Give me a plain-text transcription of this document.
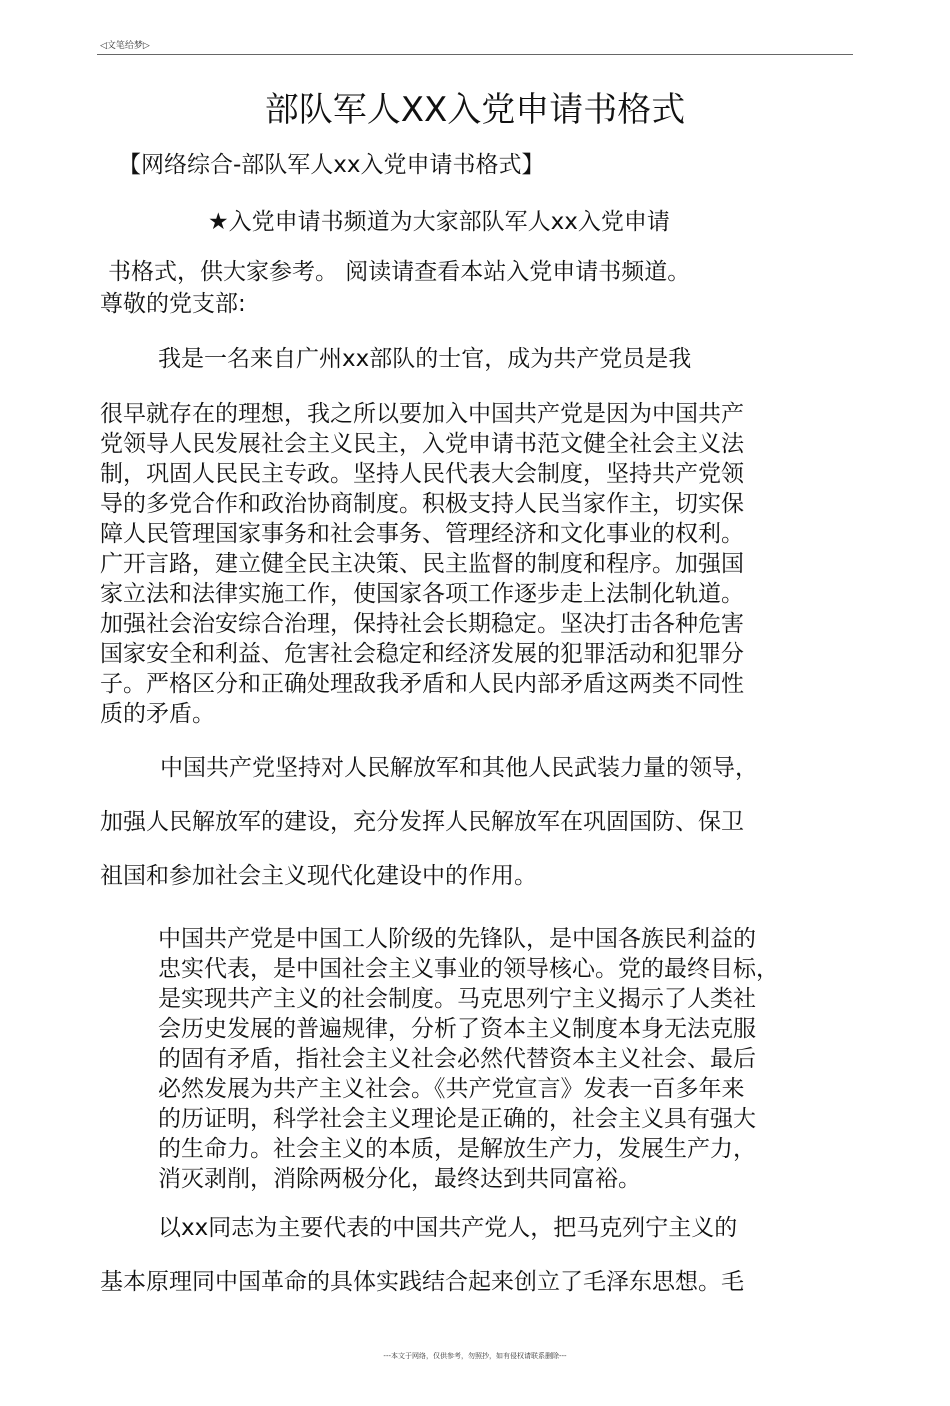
◁文笔给梦▷
部队军人XX入党申请书格式
【网络综合-部队军人xx入党申请书格式】
★入党申请书频道为大家部队军人xx入党申请
书格式，供大家参考。 阅读请查看本站入党申请书频道。
尊敬的党支部:
我是一名来自广州xx部队的士官，成为共产党员是我
很早就存在的理想，我之所以要加入中国共产党是因为中国共产
党领导人民发展社会主义民主，入党申请书范文健全社会主义法
制，巩固人民民主专政。坚持人民代表大会制度，坚持共产党领
导的多党合作和政治协商制度。积极支持人民当家作主，切实保
障人民管理国家事务和社会事务、管理经济和文化事业的权利。
广开言路，建立健全民主决策、民主监督的制度和程序。加强国
家立法和法律实施工作，使国家各项工作逐步走上法制化轨道。
加强社会治安综合治理，保持社会长期稳定。坚决打击各种危害
国家安全和利益、危害社会稳定和经济发展的犯罪活动和犯罪分
子。严格区分和正确处理敌我矛盾和人民内部矛盾这两类不同性
质的矛盾。
中国共产党坚持对人民解放军和其他人民武装力量的领导，
加强人民解放军的建设，充分发挥人民解放军在巩固国防、保卫
祖国和参加社会主义现代化建设中的作用。
中国共产党是中国工人阶级的先锋队，是中国各族民利益的
忠实代表，是中国社会主义事业的领导核心。党的最终目标，
是实现共产主义的社会制度。马克思列宁主义揭示了人类社
会历史发展的普遍规律，分析了资本主义制度本身无法克服
的固有矛盾，指社会主义社会必然代替资本主义社会、最后
必然发展为共产主义社会。《共产党宣言》发表一百多年来
的历证明，科学社会主义理论是正确的，社会主义具有强大
的生命力。社会主义的本质，是解放生产力，发展生产力，
消灭剥削，消除两极分化，最终达到共同富裕。
以xx同志为主要代表的中国共产党人，把马克列宁主义的
基本原理同中国革命的具体实践结合起来创立了毛泽东思想。毛
---本文于网络，仅供参考，勿照抄，如有侵权请联系删除---
